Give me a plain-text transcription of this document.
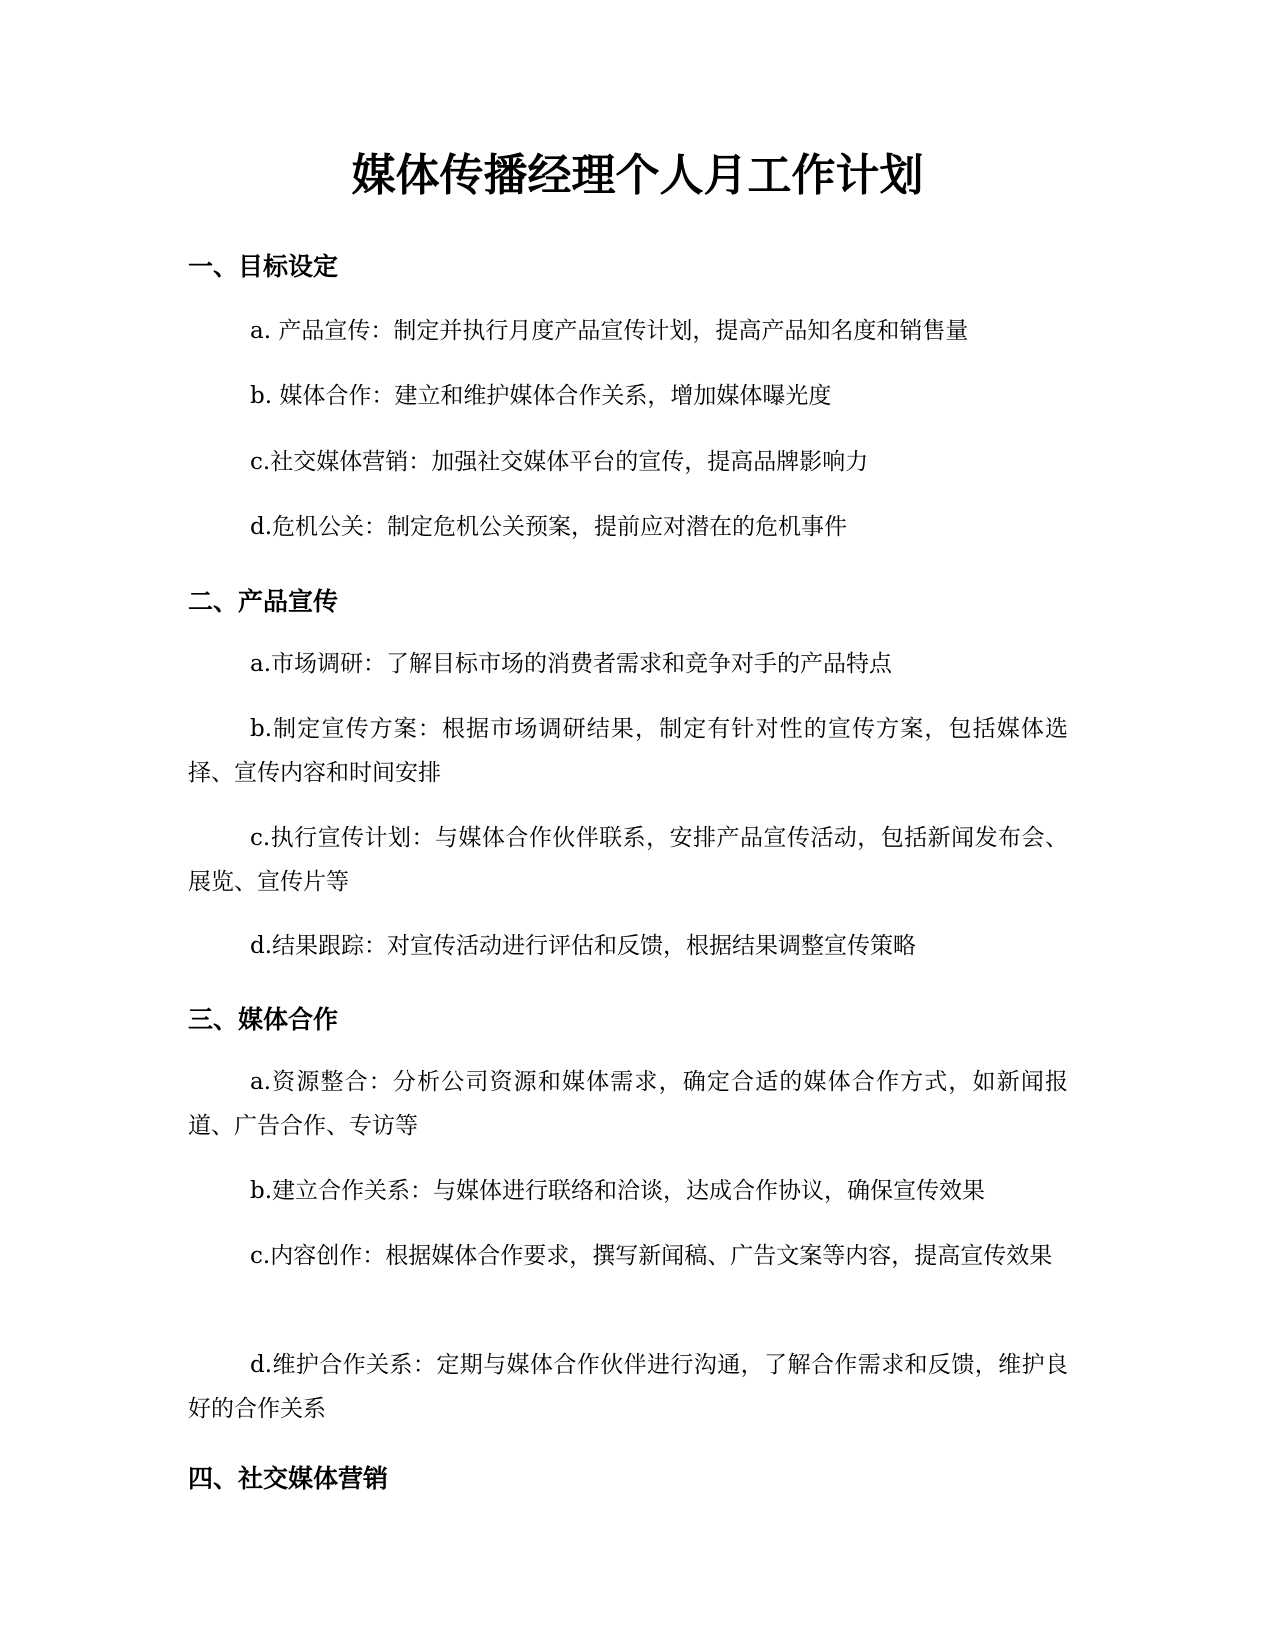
媒体传播经理个人月工作计划
一、目标设定

a. 产品宣传：制定并执行月度产品宣传计划，提高产品知名度和销售量

b. 媒体合作：建立和维护媒体合作关系，增加媒体曝光度

c.社交媒体营销：加强社交媒体平台的宣传，提高品牌影响力

d.危机公关：制定危机公关预案，提前应对潜在的危机事件

二、产品宣传

a.市场调研：了解目标市场的消费者需求和竞争对手的产品特点

b.制定宣传方案：根据市场调研结果，制定有针对性的宣传方案，包括媒体选择、宣传内容和时间安排

c.执行宣传计划：与媒体合作伙伴联系，安排产品宣传活动，包括新闻发布会、展览、宣传片等

d.结果跟踪：对宣传活动进行评估和反馈，根据结果调整宣传策略

三、媒体合作

a.资源整合：分析公司资源和媒体需求，确定合适的媒体合作方式，如新闻报道、广告合作、专访等

b.建立合作关系：与媒体进行联络和洽谈，达成合作协议，确保宣传效果

c.内容创作：根据媒体合作要求，撰写新闻稿、广告文案等内容，提高宣传效果

d.维护合作关系：定期与媒体合作伙伴进行沟通，了解合作需求和反馈，维护良好的合作关系

四、社交媒体营销
